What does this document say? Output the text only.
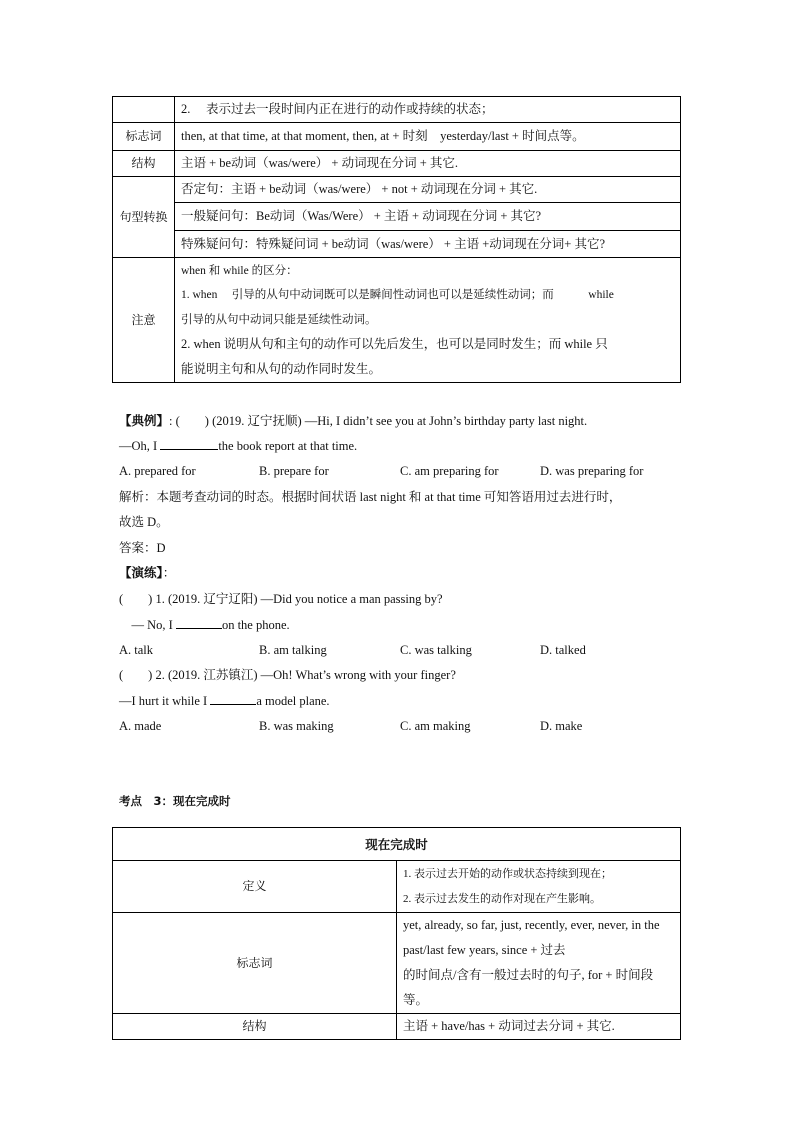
	2.　 表示过去一段时间内正在进行的动作或持续的状态；
标志词	then, at that time, at that moment, then, at + 时刻　yesterday/last + 时间点等。
结构	主语 + be动词（was/were） + 动词现在分词 + 其它.
句型转换	否定句：主语 + be动词（was/were） + not + 动词现在分词 + 其它.
	一般疑问句：Be动词（Was/Were） + 主语 + 动词现在分词 + 其它?
	特殊疑问句：特殊疑问词 + be动词（was/were） + 主语 +动词现在分词+ 其它?
注意	when 和 while 的区分：
1. when　 引导的从句中动词既可以是瞬间性动词也可以是延续性动词；而　　　while
引导的从句中动词只能是延续性动词。
2. when 说明从句和主句的动作可以先后发生，也可以是同时发生；而 while 只
能说明主句和从句的动作同时发生。
【典例】: (　　) (2019. 辽宁抚顺) —Hi, I didn’t see you at John’s birthday party last night.
—Oh, I	the book report at that time.
A. prepared for	B. prepare for	C. am preparing for	D. was preparing for
解析：本题考查动词的时态。根据时间状语 last night 和 at that time 可知答语用过去进行时，
故选 D。
答案：D
【演练】：
(　　) 1. (2019. 辽宁辽阳) —Did you notice a man passing by?
　— No, I	on the phone.
A. talk	B. am talking	C. was talking	D. talked
(　　) 2. (2019. 江苏镇江) —Oh! What’s wrong with your finger?
—I hurt it while I	a model plane.
A. made	B. was making	C. am making	D. make
考点　3：现在完成时
现在完成时	
定义	1. 表示过去开始的动作或状态持续到现在；
2. 表示过去发生的动作对现在产生影响。

标志词	yet, already, so far, just, recently, ever, never, in the past/last few years, since + 过去
的时间点/含有一般过去时的句子, for + 时间段等。

结构	主语 + have/has + 动词过去分词 + 其它.
